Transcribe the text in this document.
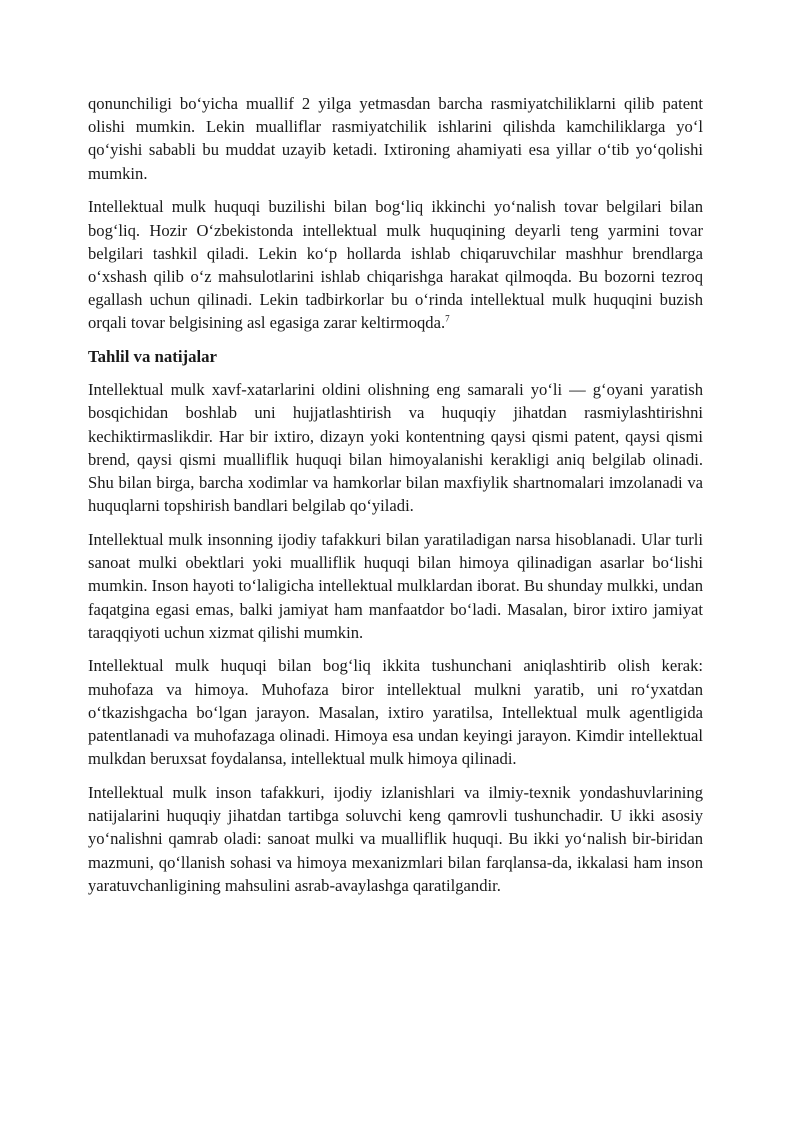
qonunchiligi boʻyicha muallif 2 yilga yetmasdan barcha rasmiyatchiliklarni qilib patent olishi mumkin. Lekin mualliflar rasmiyatchilik ishlarini qilishda kamchiliklarga yoʻl qoʻyishi sababli bu muddat uzayib ketadi. Ixtironing ahamiyati esa yillar oʻtib yoʻqolishi mumkin.

Intellektual mulk huquqi buzilishi bilan bogʻliq ikkinchi yoʻnalish tovar belgilari bilan bogʻliq. Hozir Oʻzbekistonda intellektual mulk huquqining deyarli teng yarmini tovar belgilari tashkil qiladi. Lekin koʻp hollarda ishlab chiqaruvchilar mashhur brendlarga oʻxshash qilib oʻz mahsulotlarini ishlab chiqarishga harakat qilmoqda. Bu bozorni tezroq egallash uchun qilinadi. Lekin tadbirkorlar bu oʻrinda intellektual mulk huquqini buzish orqali tovar belgisining asl egasiga zarar keltirmoqda.$^7$

Tahlil va natijalar

Intellektual mulk xavf-xatarlarini oldini olishning eng samarali yoʻli — gʻoyani yaratish bosqichidan boshlab uni hujjatlashtirish va huquqiy jihatdan rasmiylashtirishni kechiktirmaslikdir. Har bir ixtiro, dizayn yoki kontentning qaysi qismi patent, qaysi qismi brend, qaysi qismi mualliflik huquqi bilan himoyalanishi kerakligi aniq belgilab olinadi. Shu bilan birga, barcha xodimlar va hamkorlar bilan maxfiylik shartnomalari imzolanadi va huquqlarni topshirish bandlari belgilab qoʻyiladi.

Intellektual mulk insonning ijodiy tafakkuri bilan yaratiladigan narsa hisoblanadi. Ular turli sanoat mulki obektlari yoki mualliflik huquqi bilan himoya qilinadigan asarlar boʻlishi mumkin. Inson hayoti toʻlaligicha intellektual mulklardan iborat. Bu shunday mulkki, undan faqatgina egasi emas, balki jamiyat ham manfaatdor boʻladi. Masalan, biror ixtiro jamiyat taraqqiyoti uchun xizmat qilishi mumkin.

Intellektual mulk huquqi bilan bogʻliq ikkita tushunchani aniqlashtirib olish kerak: muhofaza va himoya. Muhofaza biror intellektual mulkni yaratib, uni roʻyxatdan oʻtkazishgacha boʻlgan jarayon. Masalan, ixtiro yaratilsa, Intellektual mulk agentligida patentlanadi va muhofazaga olinadi. Himoya esa undan keyingi jarayon. Kimdir intellektual mulkdan beruxsat foydalansa, intellektual mulk himoya qilinadi.

Intellektual mulk inson tafakkuri, ijodiy izlanishlari va ilmiy-texnik yondashuvlarining natijalarini huquqiy jihatdan tartibga soluvchi keng qamrovli tushunchadir. U ikki asosiy yoʻnalishni qamrab oladi: sanoat mulki va mualliflik huquqi. Bu ikki yoʻnalish bir-biridan mazmuni, qoʻllanish sohasi va himoya mexanizmlari bilan farqlansa-da, ikkalasi ham inson yaratuvchanligining mahsulini asrab-avaylashga qaratilgandir.
